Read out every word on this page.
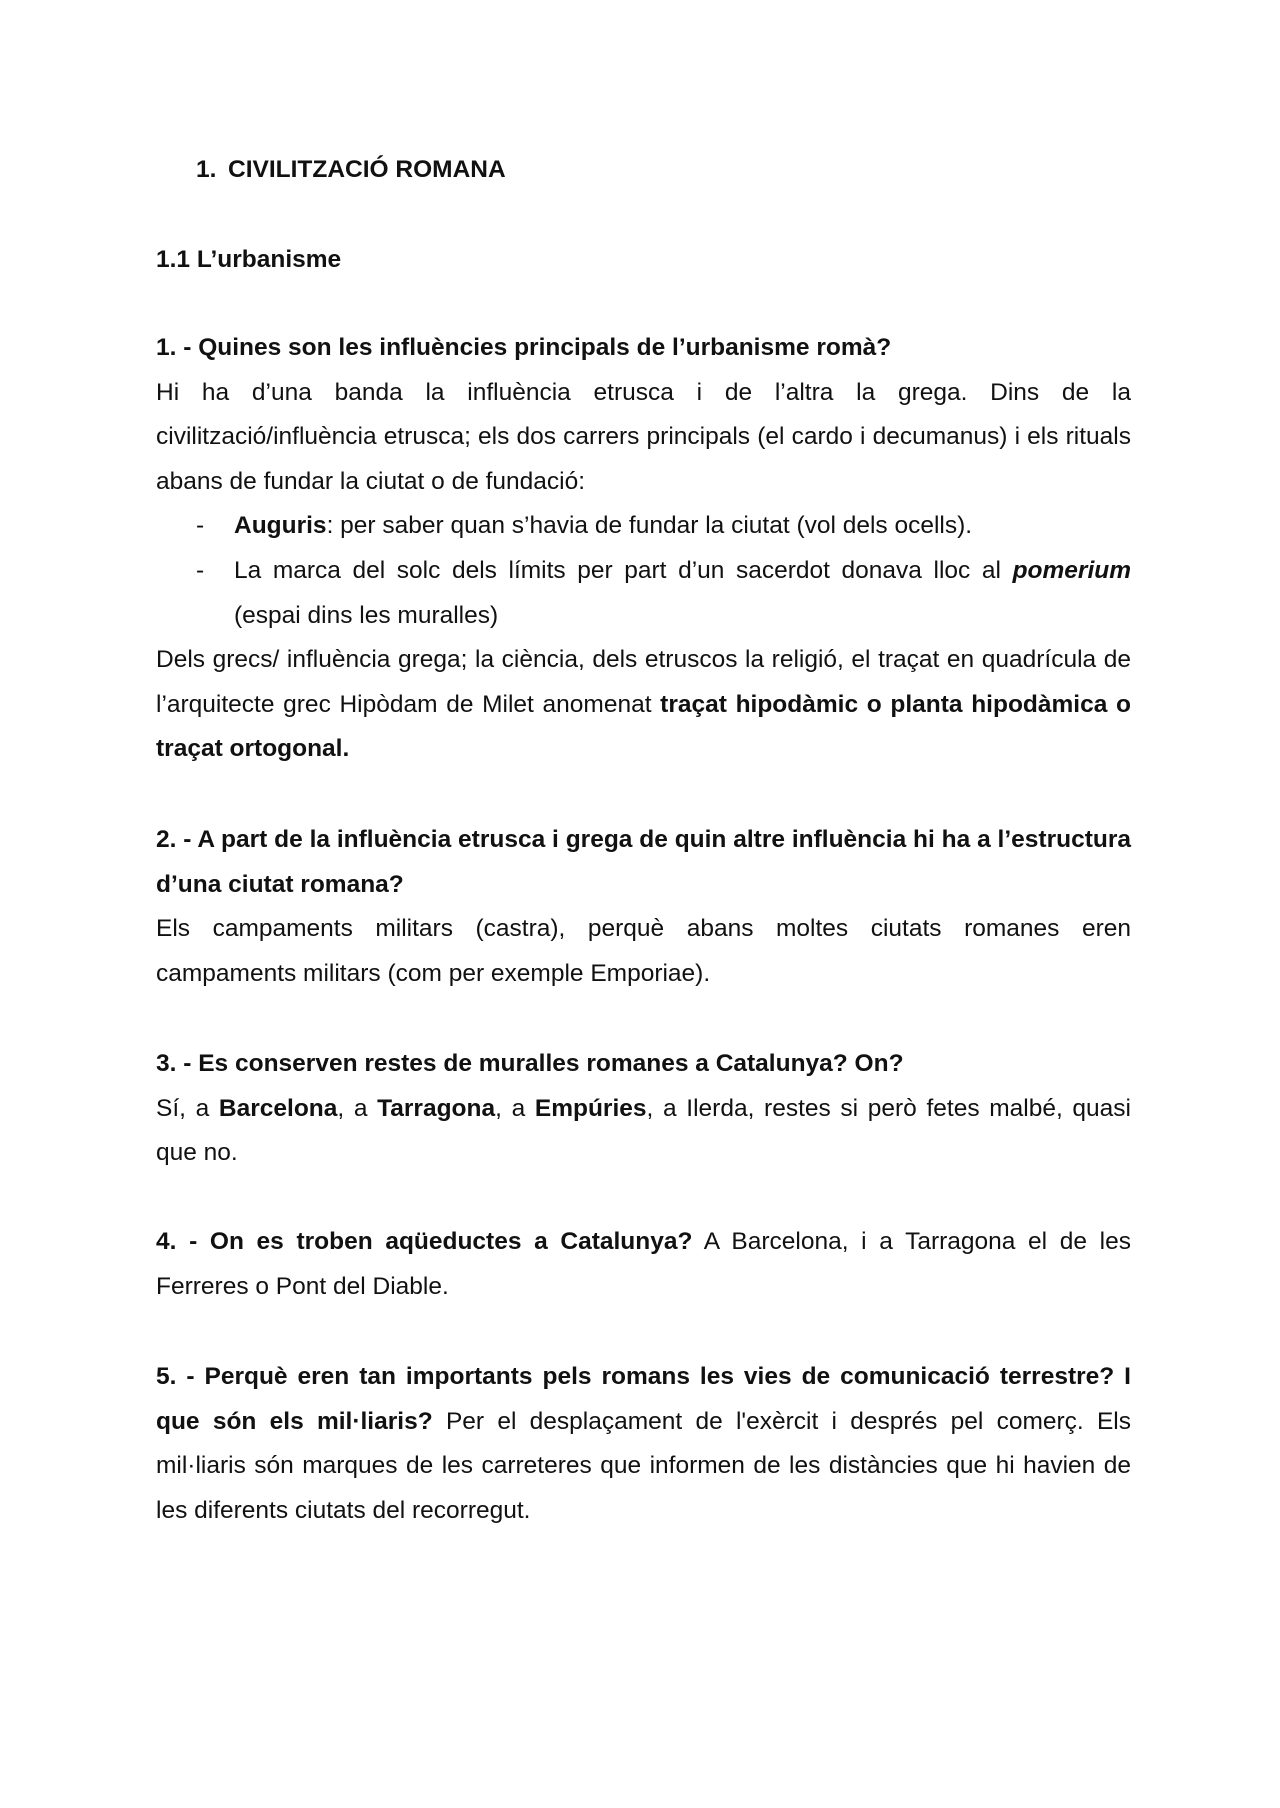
1. CIVILITZACIÓ ROMANA
1.1 L’urbanisme

1. - Quines son les influències principals de l’urbanisme romà?

Hi ha d’una banda la influència etrusca i de l’altra la grega. Dins de la civilització/influència etrusca; els dos carrers principals (el cardo i decumanus) i els rituals abans de fundar la ciutat o de fundació:

- Auguris: per saber quan s’havia de fundar la ciutat (vol dels ocells).
- La marca del solc dels límits per part d’un sacerdot donava lloc al pomerium (espai dins les muralles)

Dels grecs/ influència grega; la ciència, dels etruscos la religió, el traçat en quadrícula de l’arquitecte grec Hipòdam de Milet anomenat traçat hipodàmic o planta hipodàmica o traçat ortogonal.

2. - A part de la influència etrusca i grega de quin altre influència hi ha a l’estructura d’una ciutat romana?

Els campaments militars (castra), perquè abans moltes ciutats romanes eren campaments militars (com per exemple Emporiae).

3. - Es conserven restes de muralles romanes a Catalunya? On?

Sí, a Barcelona, a Tarragona, a Empúries, a Ilerda, restes si però fetes malbé, quasi que no.

4. - On es troben aqüeductes a Catalunya? A Barcelona, i a Tarragona el de les Ferreres o Pont del Diable.

5. - Perquè eren tan importants pels romans les vies de comunicació terrestre? I que són els mil·liaris? Per el desplaçament de l'exèrcit i després pel comerç. Els mil·liaris són marques de les carreteres que informen de les distàncies que hi havien de les diferents ciutats del recorregut.
